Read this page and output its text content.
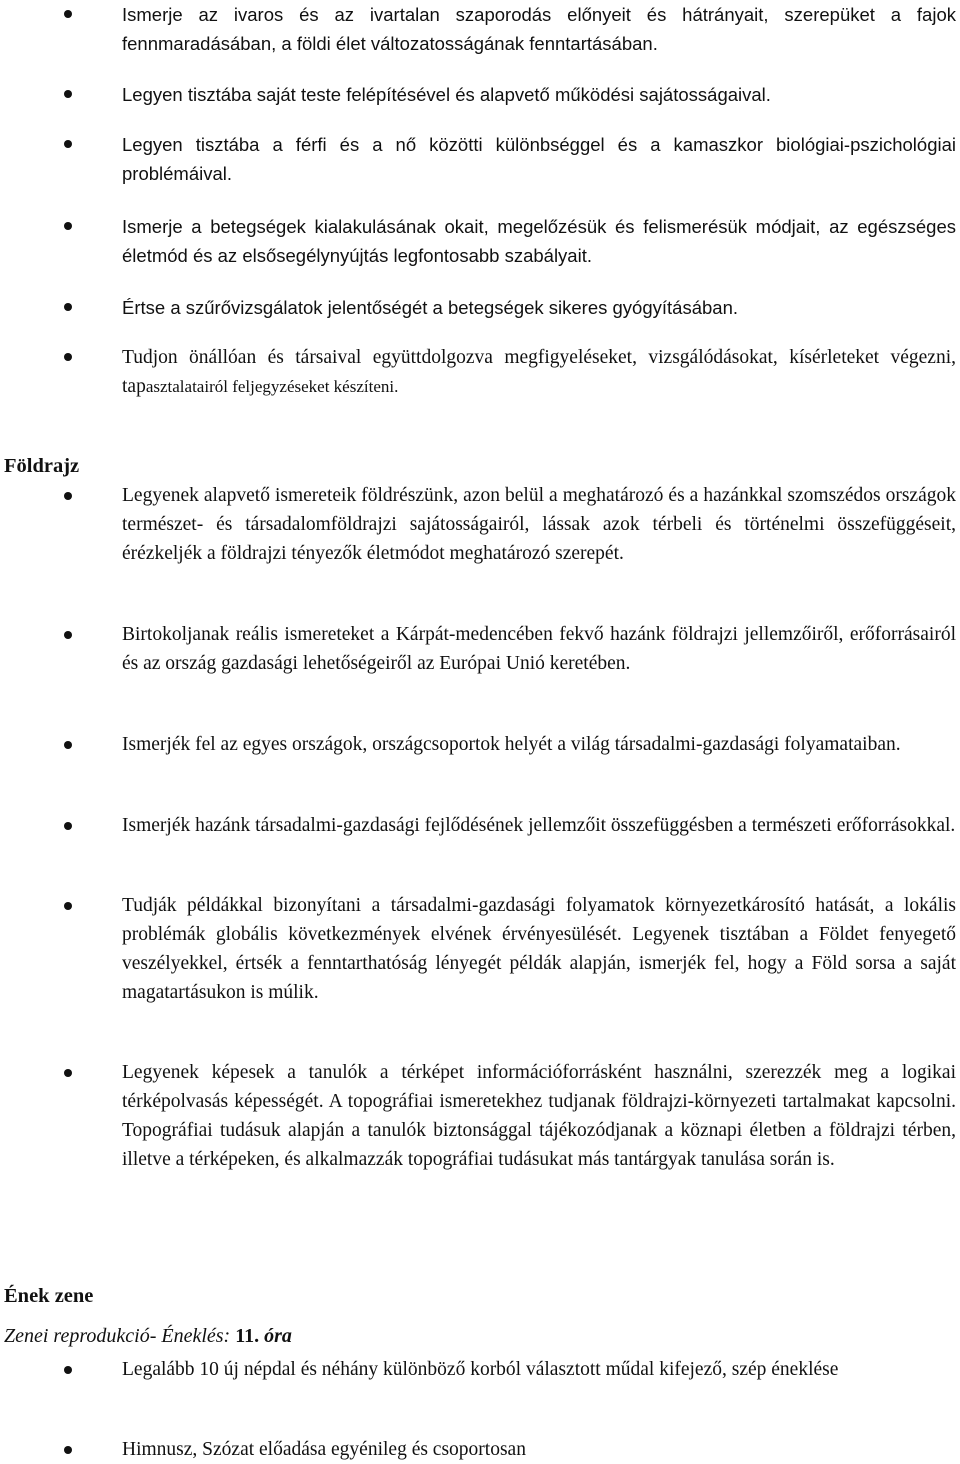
Ismerje az ivaros és az ivartalan szaporodás előnyeit és hátrányait, szerepüket a fajok fennmaradásában, a földi élet változatosságának fenntartásában.
Legyen tisztába saját teste felépítésével és alapvető működési sajátosságaival.
Legyen tisztába a férfi és a nő közötti különbséggel és a kamaszkor biológiai-pszichológiai problémáival.
Ismerje a betegségek kialakulásának okait, megelőzésük és felismerésük módjait, az egészséges életmód és az elsősegélynyújtás legfontosabb szabályait.
Értse a szűrővizsgálatok jelentőségét a betegségek sikeres gyógyításában.
Tudjon önállóan és társaival együttdolgozva megfigyeléseket, vizsgálódásokat, kísérleteket végezni, tapasztalatairól feljegyzéseket készíteni.
Földrajz
Legyenek alapvető ismereteik földrészünk, azon belül a meghatározó és a hazánkkal szomszédos országok természet- és társadalomföldrajzi sajátosságairól, lássak azok térbeli és történelmi összefüggéseit, érézkeljék a földrajzi tényezők életmódot meghatározó szerepét.
Birtokoljanak reális ismereteket a Kárpát-medencében fekvő hazánk földrajzi jellemzőiről, erőforrásairól és az ország gazdasági lehetőségeiről az Európai Unió keretében.
Ismerjék fel az egyes országok, országcsoportok helyét a világ társadalmi-gazdasági folyamataiban.
Ismerjék hazánk társadalmi-gazdasági fejlődésének jellemzőit összefüggésben a természeti erőforrásokkal.
Tudják példákkal bizonyítani a társadalmi-gazdasági folyamatok környezetkárosító hatását, a lokális problémák globális következmények elvének érvényesülését. Legyenek tisztában a Földet fenyegető veszélyekkel, értsék a fenntarthatóság lényegét példák alapján, ismerjék fel, hogy a Föld sorsa a saját magatartásukon is múlik.
Legyenek képesek a tanulók a térképet információforrásként használni, szerezzék meg a logikai térképolvasás képességét. A topográfiai ismeretekhez tudjanak földrajzi-környezeti tartalmakat kapcsolni. Topográfiai tudásuk alapján a tanulók biztonsággal tájékozódjanak a köznapi életben a földrajzi térben, illetve a térképeken, és alkalmazzák topográfiai tudásukat más tantárgyak tanulása során is.
Ének zene
Zenei reprodukció- Éneklés: 11. óra
Legalább 10 új népdal és néhány különböző korból választott műdal kifejező, szép éneklése
Himnusz, Szózat előadása egyénileg és csoportosan
